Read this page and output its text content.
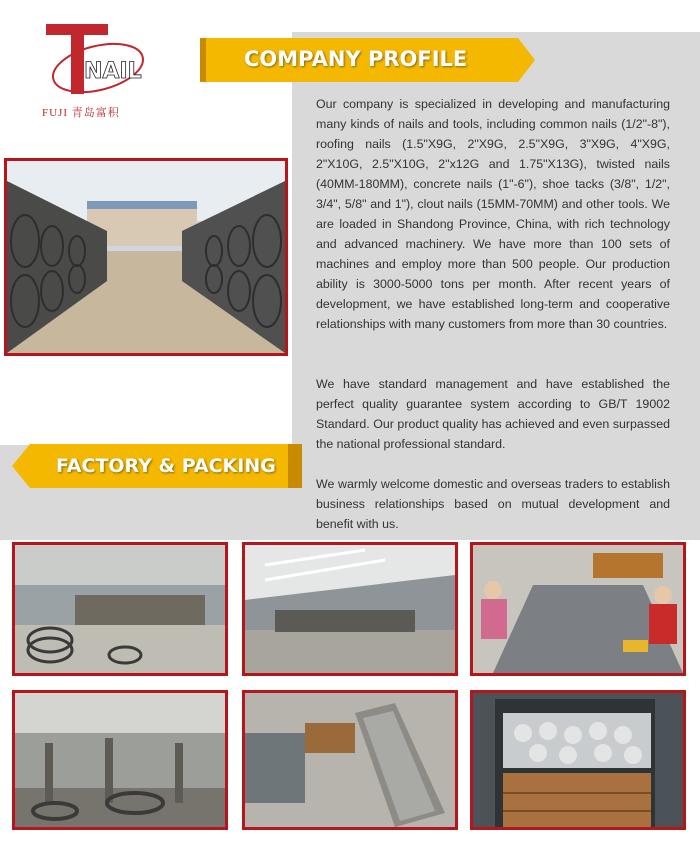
NAIL
FUJI 青岛富积
COMPANY PROFILE
FACTORY & PACKING

Our company is specialized in developing and manufacturing many kinds of nails and tools, including common nails (1/2"-8"), roofing nails (1.5"X9G, 2"X9G, 2.5"X9G, 3"X9G, 4"X9G, 2"X10G, 2.5"X10G, 2"x12G and 1.75"X13G), twisted nails (40MM-180MM), concrete nails (1"-6"), shoe tacks (3/8", 1/2", 3/4", 5/8" and 1"), clout nails (15MM-70MM) and other tools. We are loaded in Shandong Province, China, with rich technology and advanced machinery. We have more than 100 sets of machines and employ more than 500 people. Our production ability is 3000-5000 tons per month. After recent years of development, we have established long-term and cooperative relationships with many customers from more than 30 countries.

We have standard management and have established the perfect quality guarantee system according to GB/T 19002 Standard. Our product quality has achieved and even surpassed the national professional standard.

We warmly welcome domestic and overseas traders to establish business relationships based on mutual development and benefit with us.
